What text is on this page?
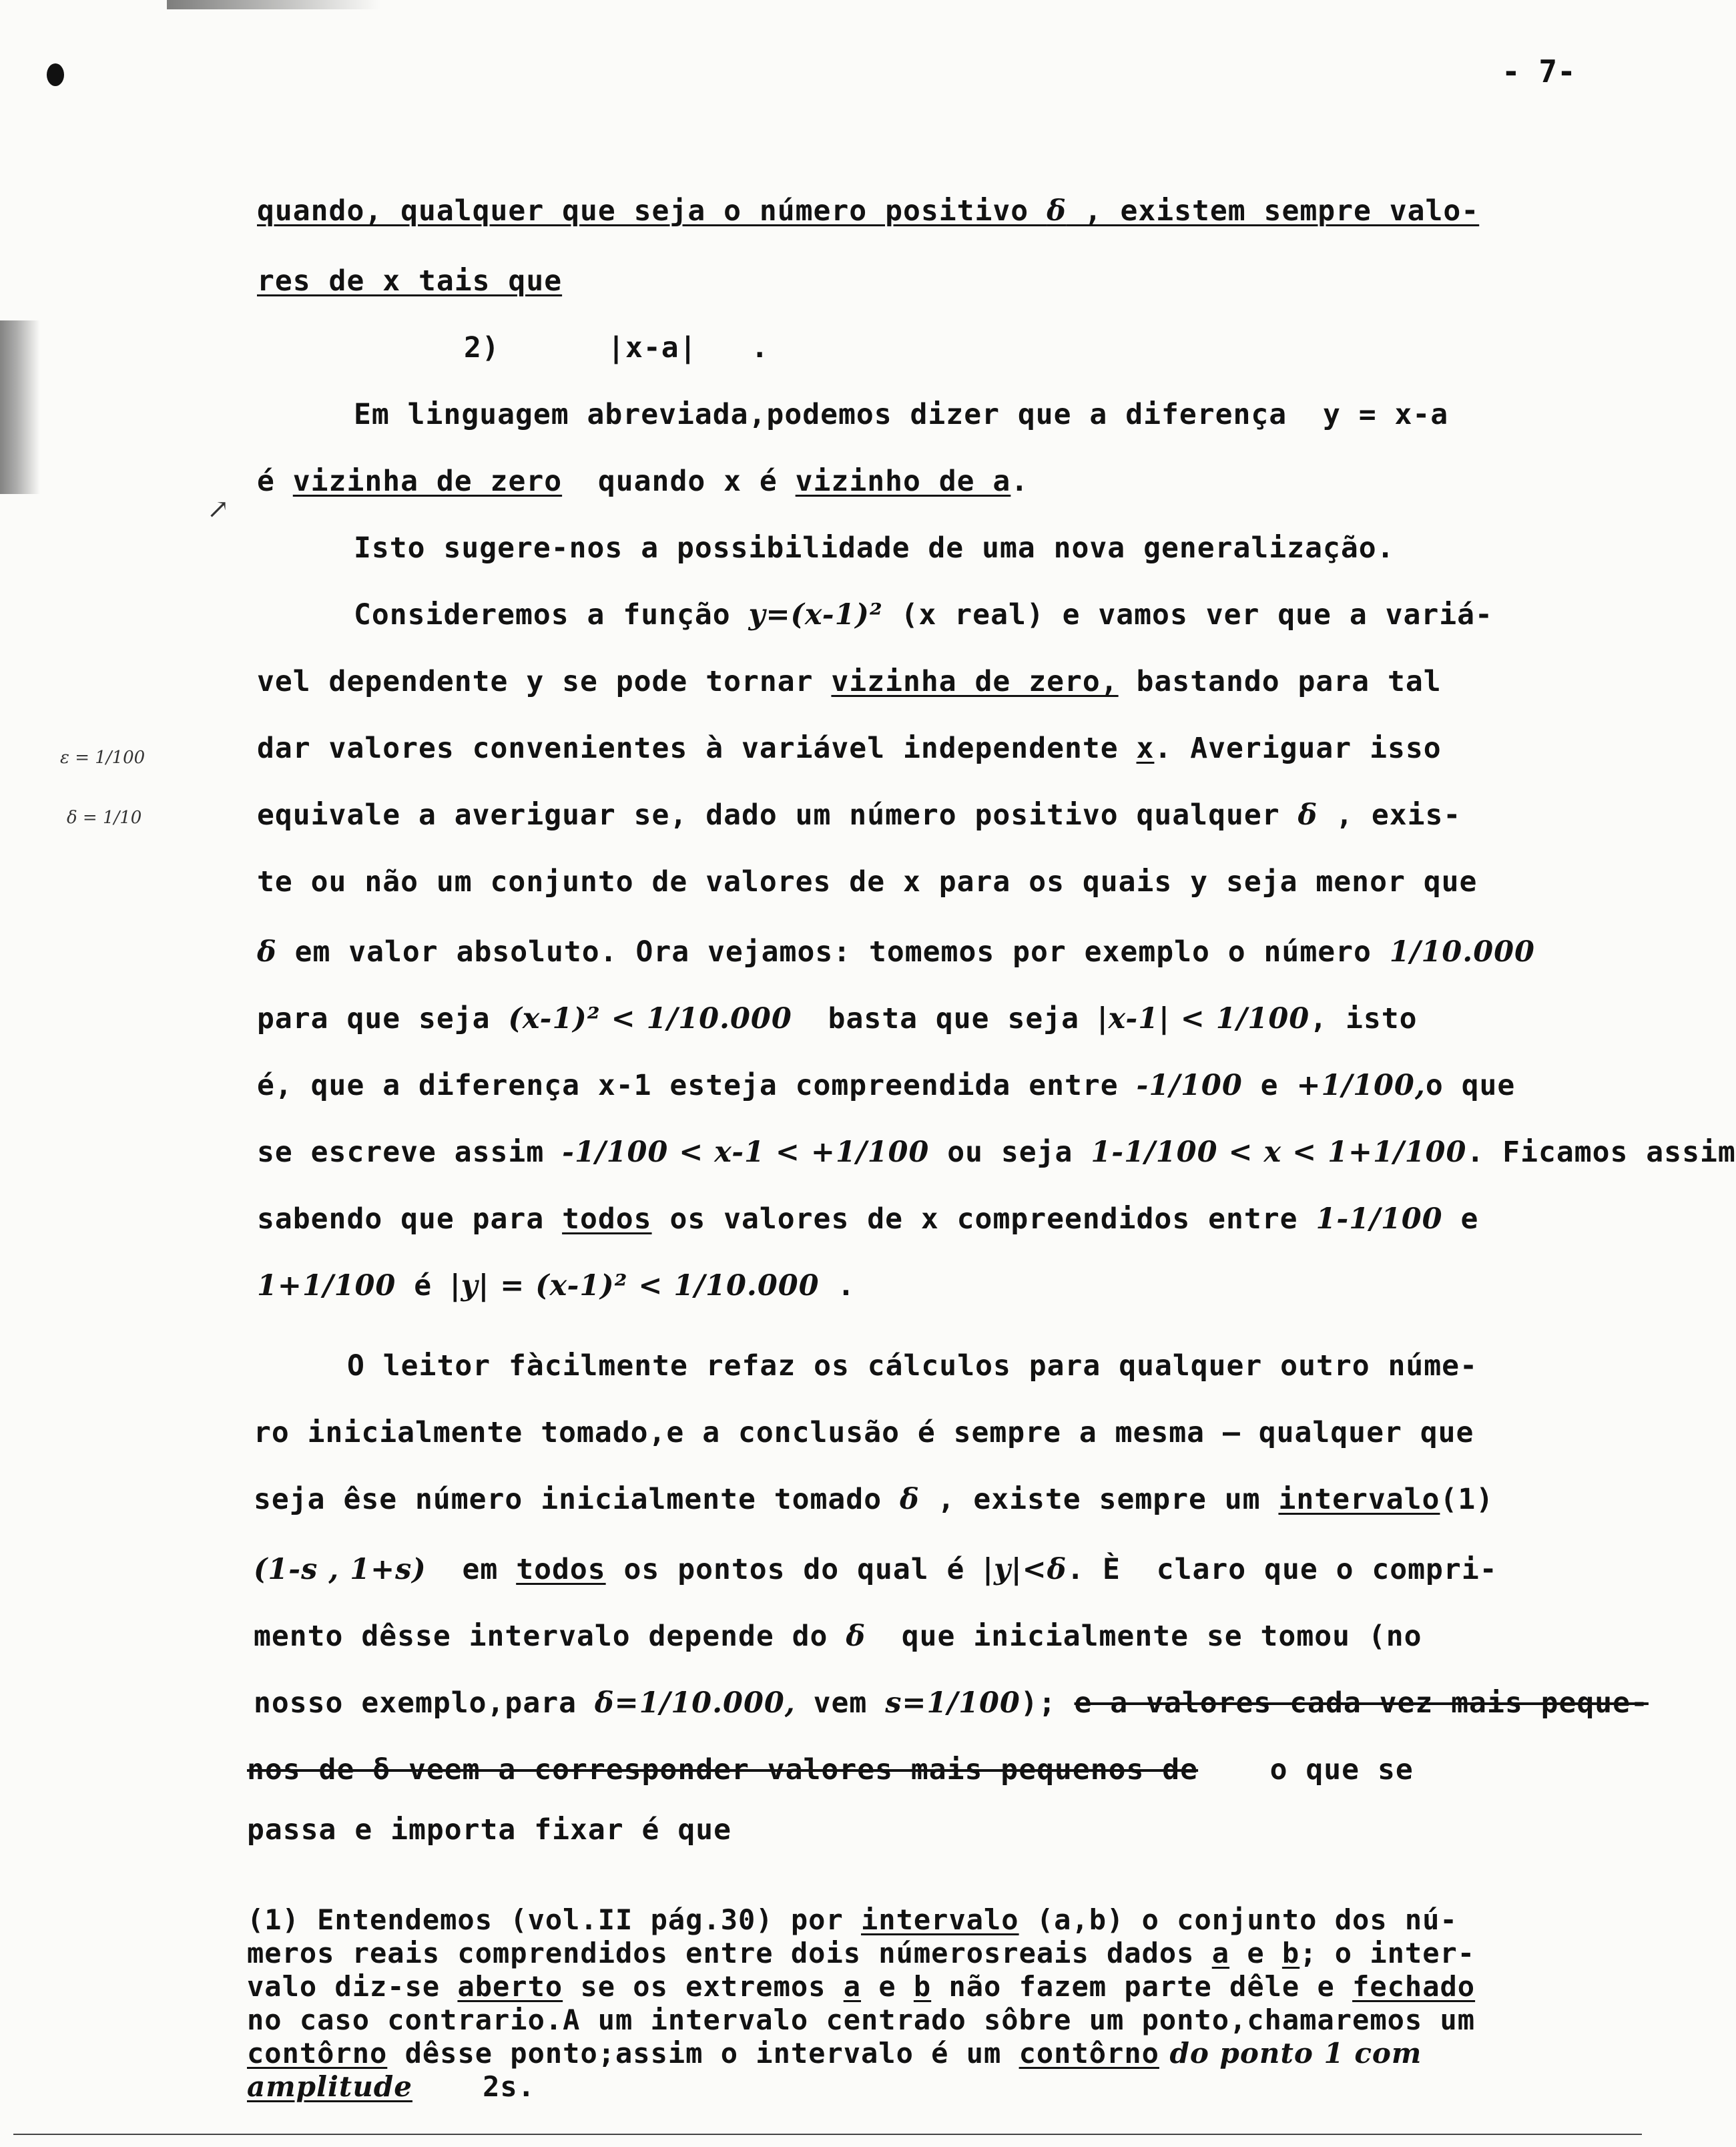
- 7-
↗
ε = 1/100
δ = 1/10
quando, qualquer que seja o número positivo δ , existem sempre valo-
res de x tais que
2)      |x-a|   .
Em linguagem abreviada,podemos dizer que a diferença  y = x-a
é vizinha de zero  quando x é vizinho de a.
Isto sugere-nos a possibilidade de uma nova generalização.
Consideremos a função y=(x-1)² (x real) e vamos ver que a variá-
vel dependente y se pode tornar vizinha de zero, bastando para tal
dar valores convenientes à variável independente x. Averiguar isso
equivale a averiguar se, dado um número positivo qualquer δ , exis-
te ou não um conjunto de valores de x para os quais y seja menor que
δ em valor absoluto. Ora vejamos: tomemos por exemplo o número 1/10.000
para que seja (x-1)² < 1/10.000  basta que seja |x-1| < 1/100, isto
é, que a diferença x-1 esteja compreendida entre -1/100 e +1/100,o que
se escreve assim -1/100 < x-1 < +1/100 ou seja 1-1/100 < x < 1+1/100. Ficamos assim
sabendo que para todos os valores de x compreendidos entre 1-1/100 e
1+1/100 é |y| = (x-1)² < 1/10.000 .
O leitor fàcilmente refaz os cálculos para qualquer outro núme-
ro inicialmente tomado,e a conclusão é sempre a mesma — qualquer que
seja êse número inicialmente tomado δ , existe sempre um intervalo(1)
(1-s , 1+s)  em todos os pontos do qual é |y|<δ. È  claro que o compri-
mento dêsse intervalo depende do δ  que inicialmente se tomou (no
nosso exemplo,para δ=1/10.000, vem s=1/100); e a valores cada vez mais peque-
nos de δ veem a corresponder valores mais pequenos de    o que se
passa e importa fixar é que
(1) Entendemos (vol.II pág.30) por intervalo (a,b) o conjunto dos nú-
meros reais comprendidos entre dois númerosreais dados a e b; o inter-
valo diz-se aberto se os extremos a e b não fazem parte dêle e fechado
no caso contrario.A um intervalo centrado sôbre um ponto,chamaremos um
contôrno dêsse ponto;assim o intervalo é um contôrno do ponto 1 com
amplitude    2s.
